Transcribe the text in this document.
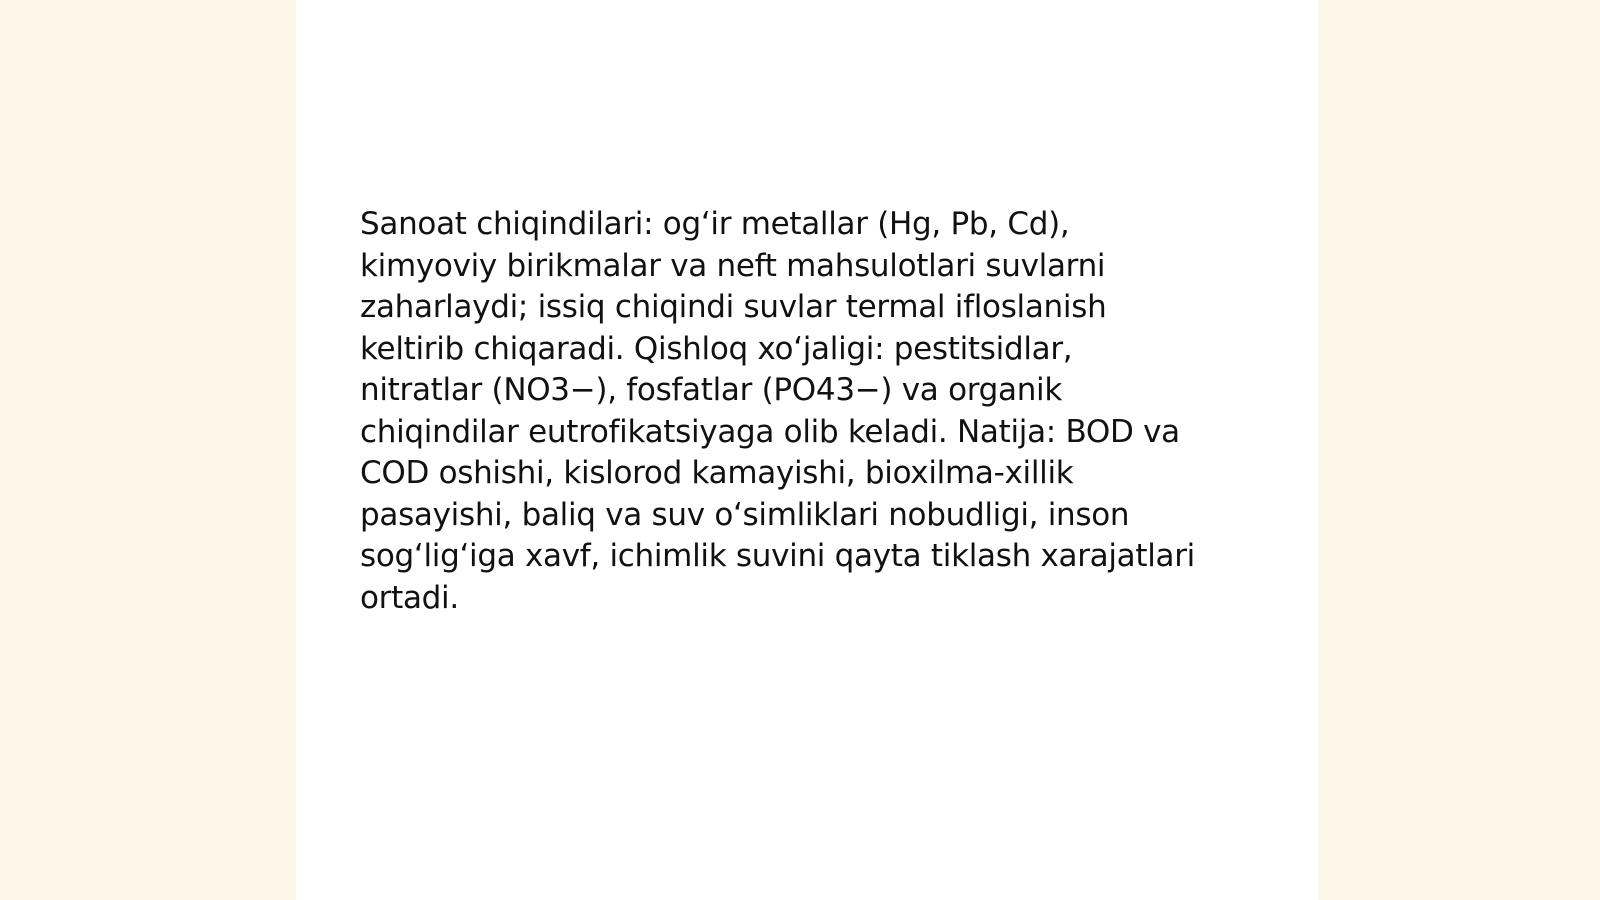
Sanoat chiqindilari: og‘ir metallar (Hg, Pb, Cd),
kimyoviy birikmalar va neft mahsulotlari suvlarni
zaharlaydi; issiq chiqindi suvlar termal ifloslanish
keltirib chiqaradi. Qishloq xo‘jaligi: pestitsidlar,
nitratlar (NO3−), fosfatlar (PO43−) va organik
chiqindilar eutrofikatsiyaga olib keladi. Natija: BOD va
COD oshishi, kislorod kamayishi, bioxilma-xillik
pasayishi, baliq va suv o‘simliklari nobudligi, inson
sog‘lig‘iga xavf, ichimlik suvini qayta tiklash xarajatlari
ortadi.
